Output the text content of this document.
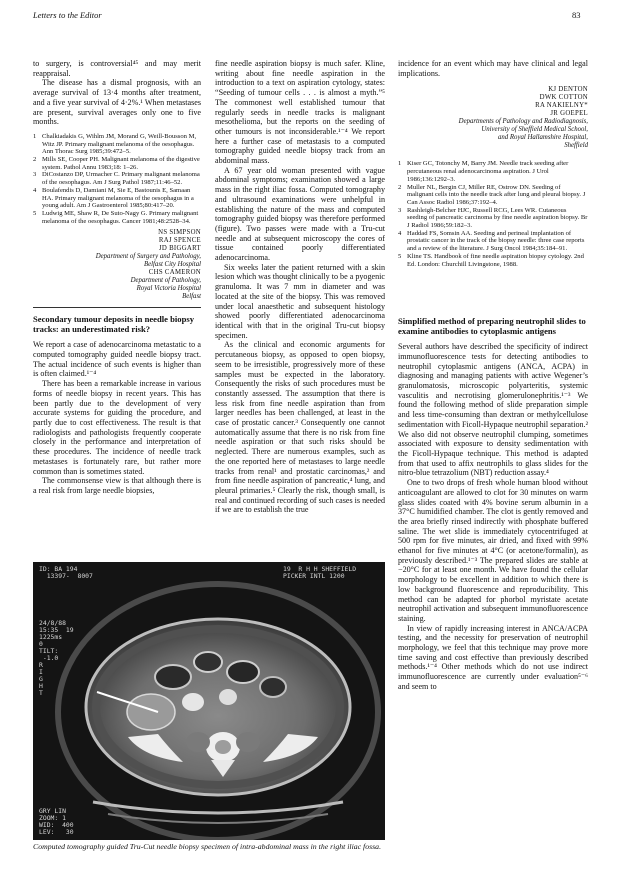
Letters to the Editor	83

to surgery, is controversial⁴⁵ and may merit reappraisal.

The disease has a dismal prognosis, with an average survival of 13·4 months after treatment, and a five year survival of 4·2%.¹ When metastases are present, survival averages only one to five months.

1 Chalkiadakis G, Wihlm JM, Morand G, Weill-Bousson M, Witz JP. Primary malignant melanoma of the oesophagus. Ann Thorac Surg 1985;39:472–5.
2 Mills SE, Cooper PH. Malignant melanoma of the digestive system. Pathol Annu 1983;18: 1–26.
3 DiCostanzo DP, Urmacher C. Primary malignant melanoma of the oesophagus. Am J Surg Pathol 1987;11:46–52.
4 Boulafendis D, Damiani M, Sie E, Bastounis E, Samaan HA. Primary malignant melanoma of the oesophagus in a young adult. Am J Gastroenterol 1985;80:417–20.
5 Ludwig ME, Shaw R, De Suto-Nagy G. Primary malignant melanoma of the oesophagus. Cancer 1981;48:2528–34.
NS SIMPSON
RAJ SPENCE
JD BIGGART
Department of Surgery and Pathology,
Belfast City Hospital
CHS CAMERON
Department of Pathology,
Royal Victoria Hospital
Belfast
Secondary tumour deposits in needle biopsy tracks: an underestimated risk?

We report a case of adenocarcinoma metastatic to a computed tomography guided needle biopsy tract. The actual incidence of such events is higher than is often claimed.¹⁻⁴

There has been a remarkable increase in various forms of needle biopsy in recent years. This has been partly due to the development of very accurate systems for guiding the procedure, and partly due to cost effectiveness. The result is that radiologists and pathologists frequently cooperate closely in the performance and interpretation of these procedures. The incidence of needle track metastases is fortunately rare, but rather more common than is sometimes stated.

The commonsense view is that although there is a real risk from large needle biopsies,

fine needle aspiration biopsy is much safer. Kline, writing about fine needle aspiration in the introduction to a text on aspiration cytology, states: “Seeding of tumour cells . . . is almost a myth.”⁵ The commonest well established tumour that regularly seeds in needle tracks is malignant mesothelioma, but the reports on the seeding of other tumours is not inconsiderable.¹⁻⁴ We report here a further case of metastasis to a computed tomography guided needle biopsy track from an abdominal mass.

A 67 year old woman presented with vague abdominal symptoms; examination showed a large mass in the right iliac fossa. Computed tomography and ultrasound examinations were unhelpful in establishing the nature of the mass and computed tomography guided biopsy was therefore performed (figure). Two passes were made with a Tru-cut needle and at subsequent microscopy the cores of tissue contained poorly differentiated adenocarcinoma.

Six weeks later the patient returned with a skin lesion which was thought clinically to be a pyogenic granuloma. It was 7 mm in diameter and was located at the site of the biopsy. This was removed under local anaesthetic and subsequent histology showed poorly differentiated adenocarcinoma identical with that in the original Tru-cut biopsy specimen.

As the clinical and economic arguments for percutaneous biopsy, as opposed to open biopsy, seem to be irresistible, progressively more of these samples must be expected in the laboratory. Consequently the risks of such procedures must be constantly assessed. The assumption that there is less risk from fine needle aspiration than from larger needles has been challenged, at least in the case of prostatic cancer.³ Consequently one cannot automatically assume that there is no risk from fine needle aspiration or that such risks should be neglected. There are numerous examples, such as the one reported here of metastases to large needle tracks from renal¹ and prostatic carcinomas,² and from fine needle aspiration of pancreatic,⁴ lung, and pleural primaries.⁵ Clearly the risk, though small, is real and continued recording of such cases is needed if we are to establish the true

incidence for an event which may have clinical and legal implications.

KJ DENTON
DWK COTTON
RA NAKIELNY*
JR GOEPEL
Departments of Pathology and Radiodiagnosis,
University of Sheffield Medical School,
and Royal Hallamshire Hospital,
Sheffield
1 Kiser GC, Totonchy M, Barry JM. Needle track seeding after percutaneous renal adenocarcinoma aspiration. J Urol 1986;136:1292–3.
2 Muller NL, Bergin CJ, Miller RE, Ostrow DN. Seeding of malignant cells into the needle track after lung and pleural biopsy. J Can Assoc Radiol 1986;37:192–4.
3 Rashleigh-Belcher HJC, Russell RCG, Lees WR. Cutaneous seeding of pancreatic carcinoma by fine needle aspiration biopsy. Br J Radiol 1986;59:182–3.
4 Haddad FS, Somsin AA. Seeding and perineal implantation of prostatic cancer in the track of the biopsy needle: three case reports and a review of the literature. J Surg Oncol 1984;35:184–91.
5 Kline TS. Handbook of fine needle aspiration biopsy cytology. 2nd Ed. London: Churchill Livingstone, 1988.
Simplified method of preparing neutrophil slides to examine antibodies to cytoplasmic antigens

Several authors have described the specificity of indirect immunofluorescence tests for detecting antibodies to neutrophil cytoplasmic antigens (ANCA, ACPA) in diagnosing and managing patients with active Wegener’s granulomatosis, microscopic polyarteritis, systemic vasculitis and necrotising glomerulonephritis.¹⁻³ We found the following method of slide preparation simple and less time-consuming than dextran or methylcellulose sedimentation with Ficoll-Hypaque neutrophil separation.² We also did not observe neutrophil clumping, sometimes associated with exposure to density sedimentation with the Ficoll-Hypaque technique. This method is adapted from that used to affix neutrophils to glass slides for the nitro-blue tetrazolium (NBT) reduction assay.⁴

One to two drops of fresh whole human blood without anticoagulant are allowed to clot for 30 minutes on warm glass slides coated with 4% bovine serum albumin in a 37°C humidified chamber. The clot is gently removed and the area briefly rinsed indirectly with phosphate buffered saline. The wet slide is immediately cytocentrifuged at 500 rpm for five minutes, air dried, and fixed with 99% ethanol for five minutes at 4°C (or acetone/formalin), as previously described.¹⁻³ The prepared slides are stable at −20°C for at least one month. We have found the cellular morphology to be excellent in addition to which there is low background fluorescence and reproducibility. This method can be adapted for phorbol myristate acetate neutrophil activation and subsequent immunofluorescence staining.

In view of rapidly increasing interest in ANCA/ACPA testing, and the necessity for preservation of neutrophil morphology, we feel that this technique may prove more time saving and cost effective than previously described methods.¹⁻⁴ Other methods which do not use indirect immunofluorescence are currently under evaluation⁵⁻⁶ and seem to

ID: BA 194
13397-  8007
19  R H H SHEFFIELD
PICKER INTL 1200

24/8/88
15:35  19
1225ms
0
TILT:
-1.0
R
I
G
H
T

GRY LIN
ZOOM: 1
WID:  400
LEV:   30

Computed tomography guided Tru-Cut needle biopsy specimen of intra-abdominal mass in the right iliac fossa.
